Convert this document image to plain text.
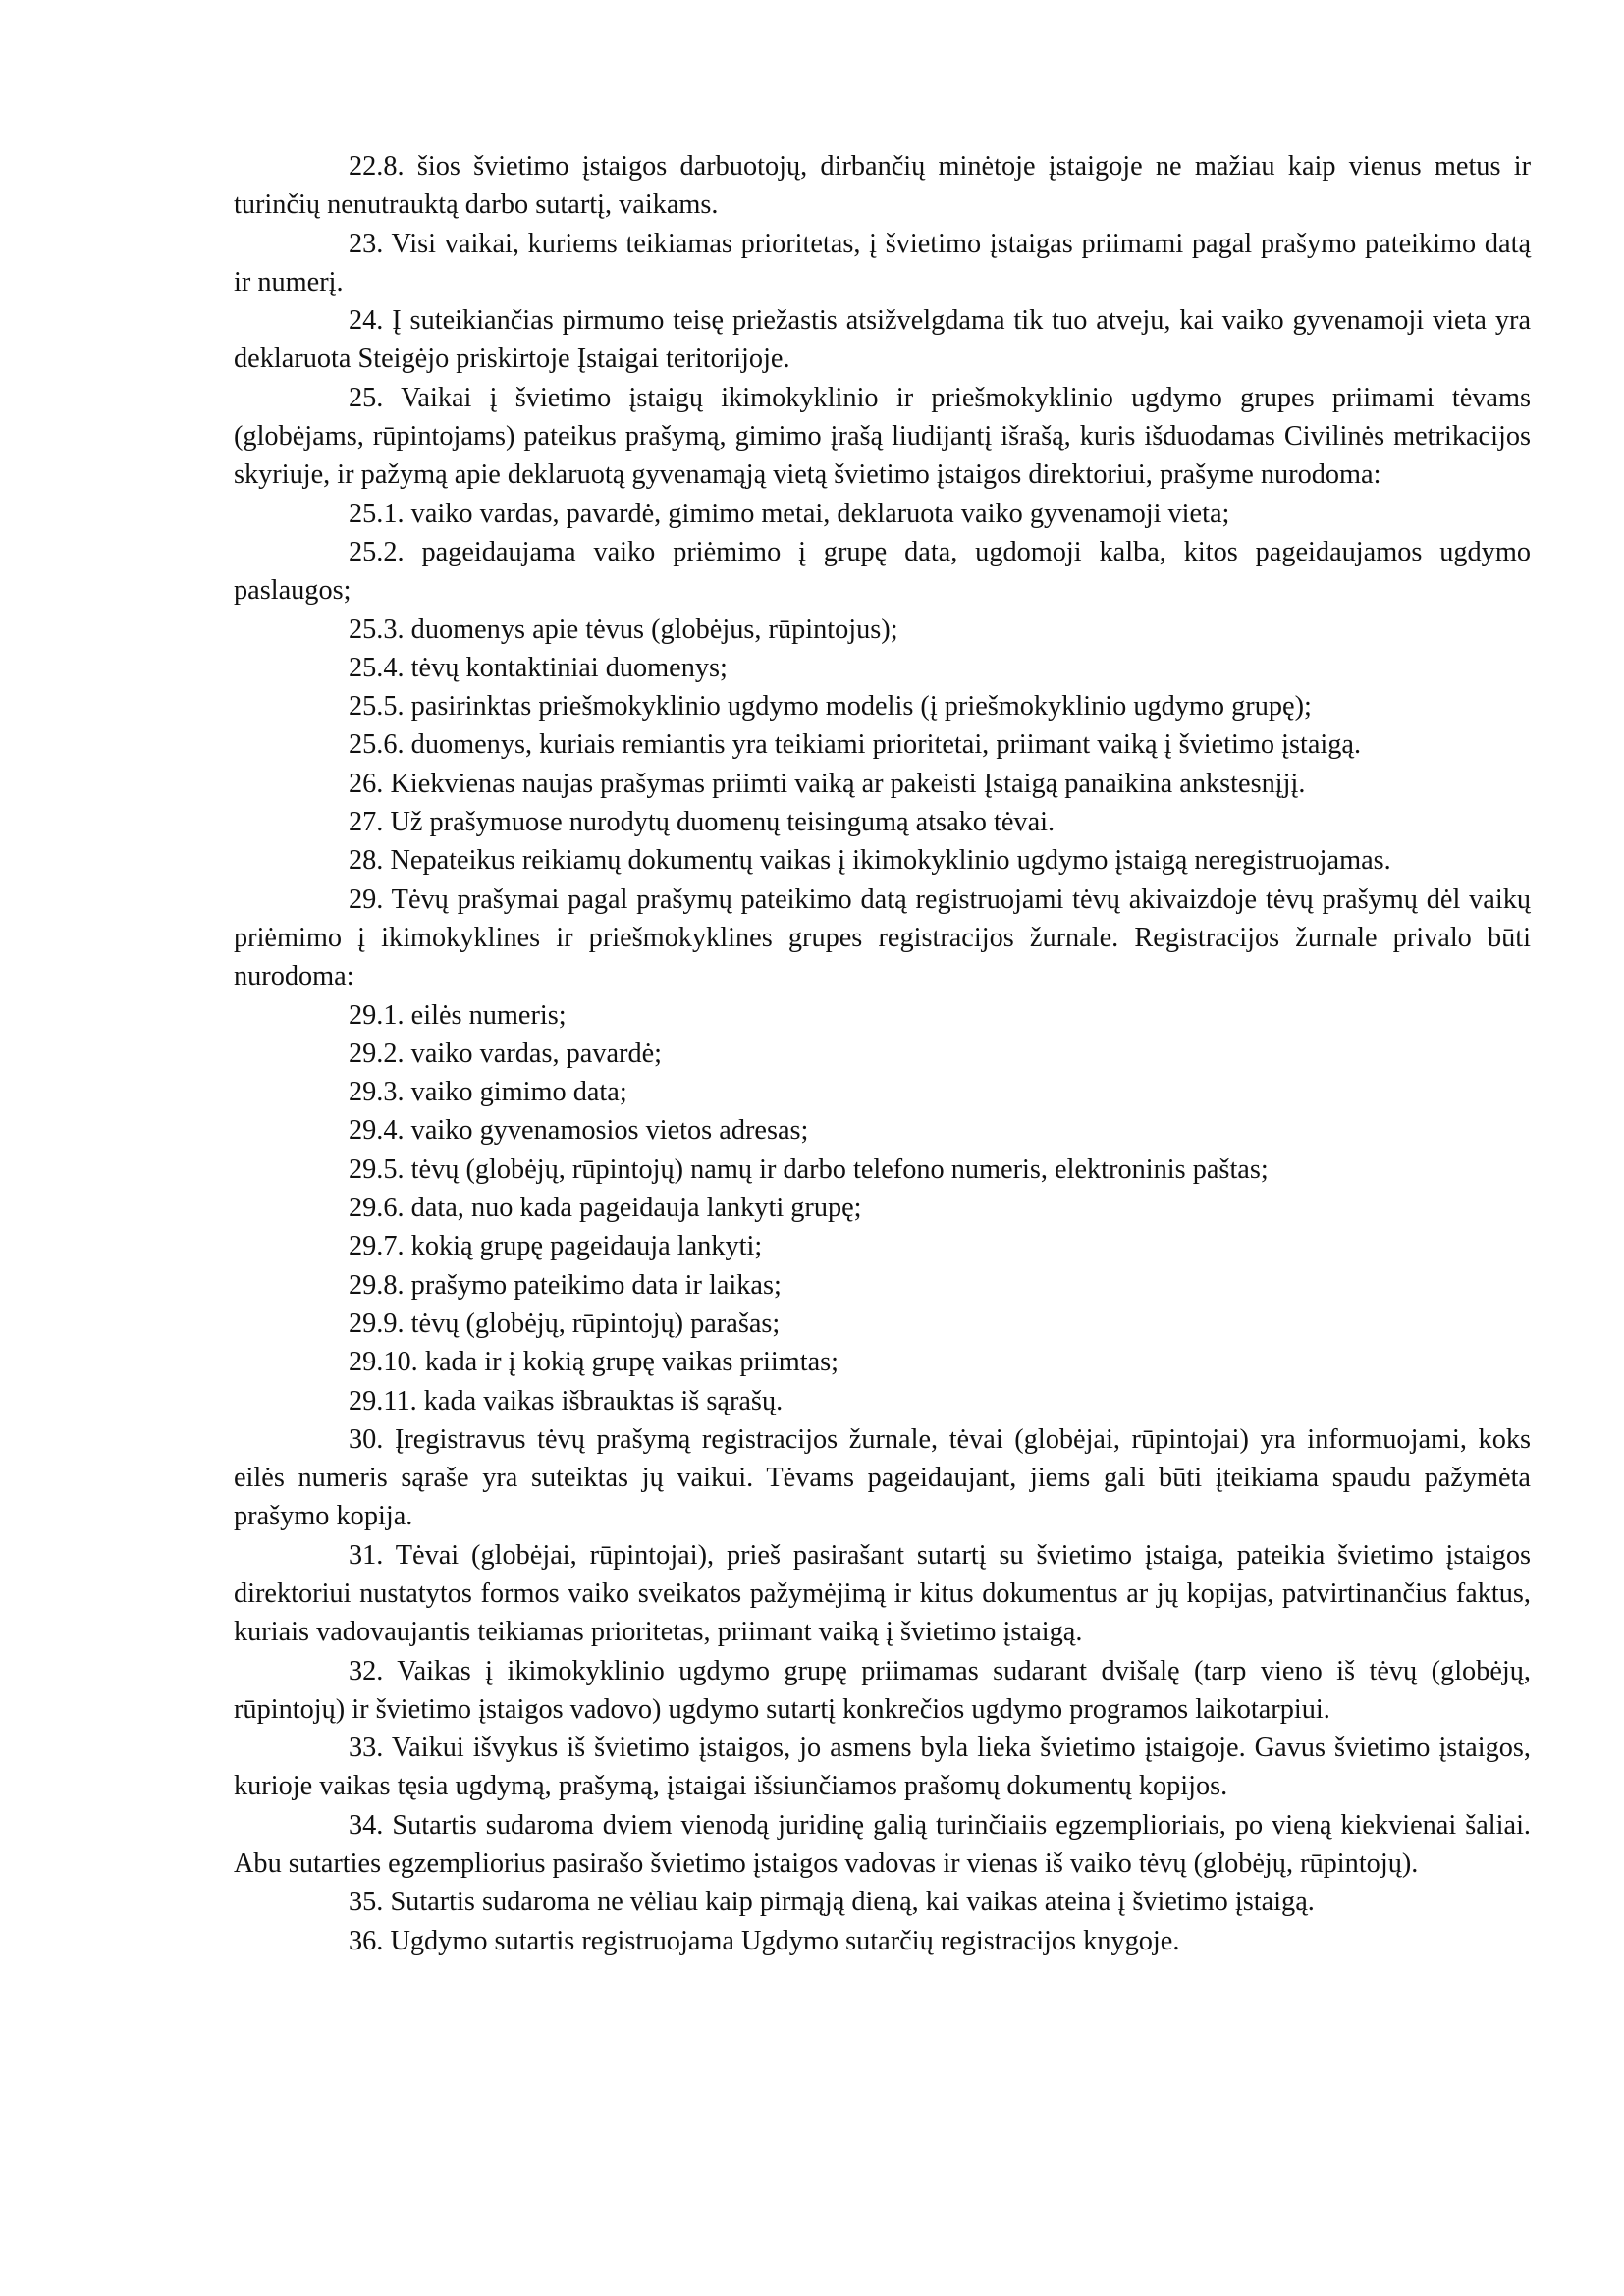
22.8. šios švietimo įstaigos darbuotojų, dirbančių minėtoje įstaigoje ne mažiau kaip vienus metus ir turinčių nenutrauktą darbo sutartį, vaikams.

23. Visi vaikai, kuriems teikiamas prioritetas, į švietimo įstaigas priimami pagal prašymo pateikimo datą ir numerį.

24. Į suteikiančias pirmumo teisę priežastis atsižvelgdama tik tuo atveju, kai vaiko gyvenamoji vieta yra deklaruota Steigėjo priskirtoje Įstaigai teritorijoje.

25. Vaikai į švietimo įstaigų ikimokyklinio ir priešmokyklinio ugdymo grupes priimami tėvams (globėjams, rūpintojams) pateikus prašymą, gimimo įrašą liudijantį išrašą, kuris išduodamas Civilinės metrikacijos skyriuje, ir pažymą apie deklaruotą gyvenamąją vietą švietimo įstaigos direktoriui, prašyme nurodoma:

25.1. vaiko vardas, pavardė, gimimo metai, deklaruota vaiko gyvenamoji vieta;

25.2. pageidaujama vaiko priėmimo į grupę data, ugdomoji kalba, kitos pageidaujamos ugdymo paslaugos;

25.3. duomenys apie tėvus (globėjus, rūpintojus);

25.4. tėvų kontaktiniai duomenys;

25.5. pasirinktas priešmokyklinio ugdymo modelis (į priešmokyklinio ugdymo grupę);

25.6. duomenys, kuriais remiantis yra teikiami prioritetai, priimant vaiką į švietimo įstaigą.

26. Kiekvienas naujas prašymas priimti vaiką ar pakeisti Įstaigą panaikina ankstesnįjį.

27. Už prašymuose nurodytų duomenų teisingumą atsako tėvai.

28. Nepateikus reikiamų dokumentų vaikas į ikimokyklinio ugdymo įstaigą neregistruojamas.

29. Tėvų prašymai pagal prašymų pateikimo datą registruojami tėvų akivaizdoje tėvų prašymų dėl vaikų priėmimo į ikimokyklines ir priešmokyklines grupes registracijos žurnale. Registracijos žurnale privalo būti nurodoma:

29.1. eilės numeris;

29.2. vaiko vardas, pavardė;

29.3. vaiko gimimo data;

29.4. vaiko gyvenamosios vietos adresas;

29.5. tėvų (globėjų, rūpintojų) namų ir darbo telefono numeris, elektroninis paštas;

29.6. data, nuo kada pageidauja lankyti grupę;

29.7. kokią grupę pageidauja lankyti;

29.8. prašymo pateikimo data ir laikas;

29.9. tėvų (globėjų, rūpintojų) parašas;

29.10. kada ir į kokią grupę vaikas priimtas;

29.11. kada vaikas išbrauktas iš sąrašų.

30. Įregistravus tėvų prašymą registracijos žurnale, tėvai (globėjai, rūpintojai) yra informuojami, koks eilės numeris sąraše yra suteiktas jų vaikui. Tėvams pageidaujant, jiems gali būti įteikiama spaudu pažymėta prašymo kopija.

31. Tėvai (globėjai, rūpintojai), prieš pasirašant sutartį su švietimo įstaiga, pateikia švietimo įstaigos direktoriui nustatytos formos vaiko sveikatos pažymėjimą ir kitus dokumentus ar jų kopijas, patvirtinančius faktus, kuriais vadovaujantis teikiamas prioritetas, priimant vaiką į švietimo įstaigą.

32. Vaikas į ikimokyklinio ugdymo grupę priimamas sudarant dvišalę (tarp vieno iš tėvų (globėjų, rūpintojų) ir švietimo įstaigos vadovo) ugdymo sutartį konkrečios ugdymo programos laikotarpiui.

33. Vaikui išvykus iš švietimo įstaigos, jo asmens byla lieka švietimo įstaigoje. Gavus švietimo įstaigos, kurioje vaikas tęsia ugdymą, prašymą, įstaigai išsiunčiamos prašomų dokumentų kopijos.

34. Sutartis sudaroma dviem vienodą juridinę galią turinčiaiis egzemplioriais, po vieną kiekvienai šaliai. Abu sutarties egzempliorius pasirašo švietimo įstaigos vadovas ir vienas iš vaiko tėvų (globėjų, rūpintojų).

35. Sutartis sudaroma ne vėliau kaip pirmąją dieną, kai vaikas ateina į švietimo įstaigą.

36. Ugdymo sutartis registruojama Ugdymo sutarčių registracijos knygoje.
